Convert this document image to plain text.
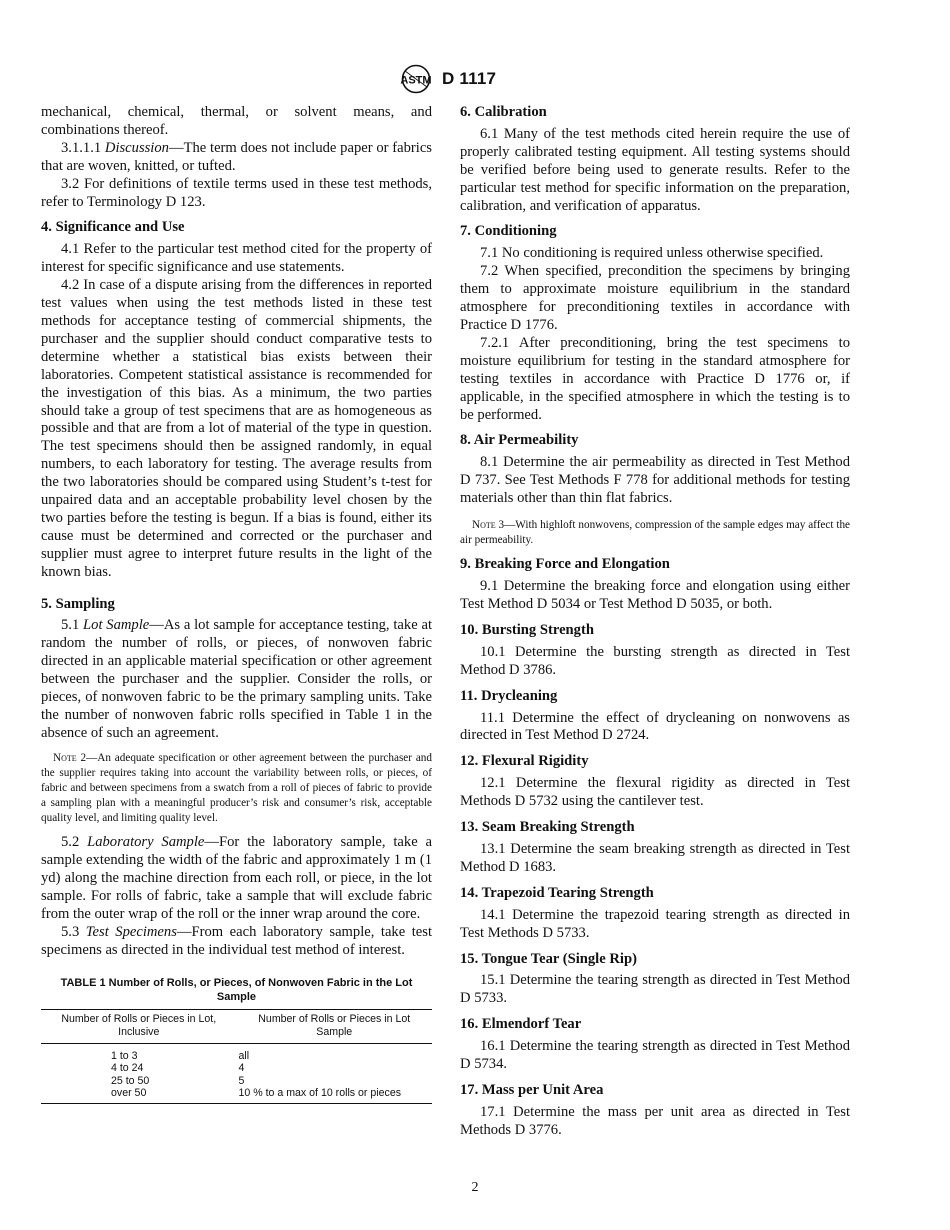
ASTM D 1117

mechanical, chemical, thermal, or solvent means, and combinations thereof.

3.1.1.1 Discussion—The term does not include paper or fabrics that are woven, knitted, or tufted.

3.2 For definitions of textile terms used in these test methods, refer to Terminology D 123.

4. Significance and Use

4.1 Refer to the particular test method cited for the property of interest for specific significance and use statements.

4.2 In case of a dispute arising from the differences in reported test values when using the test methods listed in these test methods for acceptance testing of commercial shipments, the purchaser and the supplier should conduct comparative tests to determine whether a statistical bias exists between their laboratories. Competent statistical assistance is recommended for the investigation of this bias. As a minimum, the two parties should take a group of test specimens that are as homogeneous as possible and that are from a lot of material of the type in question. The test specimens should then be assigned randomly, in equal numbers, to each laboratory for testing. The average results from the two laboratories should be compared using Student’s t-test for unpaired data and an acceptable probability level chosen by the two parties before the testing is begun. If a bias is found, either its cause must be determined and corrected or the purchaser and supplier must agree to interpret future results in the light of the known bias.

5. Sampling

5.1 Lot Sample—As a lot sample for acceptance testing, take at random the number of rolls, or pieces, of nonwoven fabric directed in an applicable material specification or other agreement between the purchaser and the supplier. Consider the rolls, or pieces, of nonwoven fabric to be the primary sampling units. Take the number of nonwoven fabric rolls specified in Table 1 in the absence of such an agreement.

Note 2—An adequate specification or other agreement between the purchaser and the supplier requires taking into account the variability between rolls, or pieces, of fabric and between specimens from a swatch from a roll of pieces of fabric to provide a sampling plan with a meaningful producer’s risk and consumer’s risk, acceptable quality level, and limiting quality level.

5.2 Laboratory Sample—For the laboratory sample, take a sample extending the width of the fabric and approximately 1 m (1 yd) along the machine direction from each roll, or piece, in the lot sample. For rolls of fabric, take a sample that will exclude fabric from the outer wrap of the roll or the inner wrap around the core.

5.3 Test Specimens—From each laboratory sample, take test specimens as directed in the individual test method of interest.

TABLE 1 Number of Rolls, or Pieces, of Nonwoven Fabric in the Lot Sample
Number of Rolls or Pieces in Lot, Inclusive	Number of Rolls or Pieces in Lot Sample
1 to 3	all
4 to 24	4
25 to 50	5
over 50	10 % to a max of 10 rolls or pieces
6. Calibration

6.1 Many of the test methods cited herein require the use of properly calibrated testing equipment. All testing systems should be verified before being used to generate results. Refer to the particular test method for specific information on the preparation, calibration, and verification of apparatus.

7. Conditioning

7.1 No conditioning is required unless otherwise specified.

7.2 When specified, precondition the specimens by bringing them to approximate moisture equilibrium in the standard atmosphere for preconditioning textiles in accordance with Practice D 1776.

7.2.1 After preconditioning, bring the test specimens to moisture equilibrium for testing in the standard atmosphere for testing textiles in accordance with Practice D 1776 or, if applicable, in the specified atmosphere in which the testing is to be performed.

8. Air Permeability

8.1 Determine the air permeability as directed in Test Method D 737. See Test Methods F 778 for additional methods for testing materials other than thin flat fabrics.

Note 3—With highloft nonwovens, compression of the sample edges may affect the air permeability.

9. Breaking Force and Elongation

9.1 Determine the breaking force and elongation using either Test Method D 5034 or Test Method D 5035, or both.

10. Bursting Strength

10.1 Determine the bursting strength as directed in Test Method D 3786.

11. Drycleaning

11.1 Determine the effect of drycleaning on nonwovens as directed in Test Method D 2724.

12. Flexural Rigidity

12.1 Determine the flexural rigidity as directed in Test Methods D 5732 using the cantilever test.

13. Seam Breaking Strength

13.1 Determine the seam breaking strength as directed in Test Method D 1683.

14. Trapezoid Tearing Strength

14.1 Determine the trapezoid tearing strength as directed in Test Methods D 5733.

15. Tongue Tear (Single Rip)

15.1 Determine the tearing strength as directed in Test Method D 5733.

16. Elmendorf Tear

16.1 Determine the tearing strength as directed in Test Method D 5734.

17. Mass per Unit Area

17.1 Determine the mass per unit area as directed in Test Methods D 3776.

2
